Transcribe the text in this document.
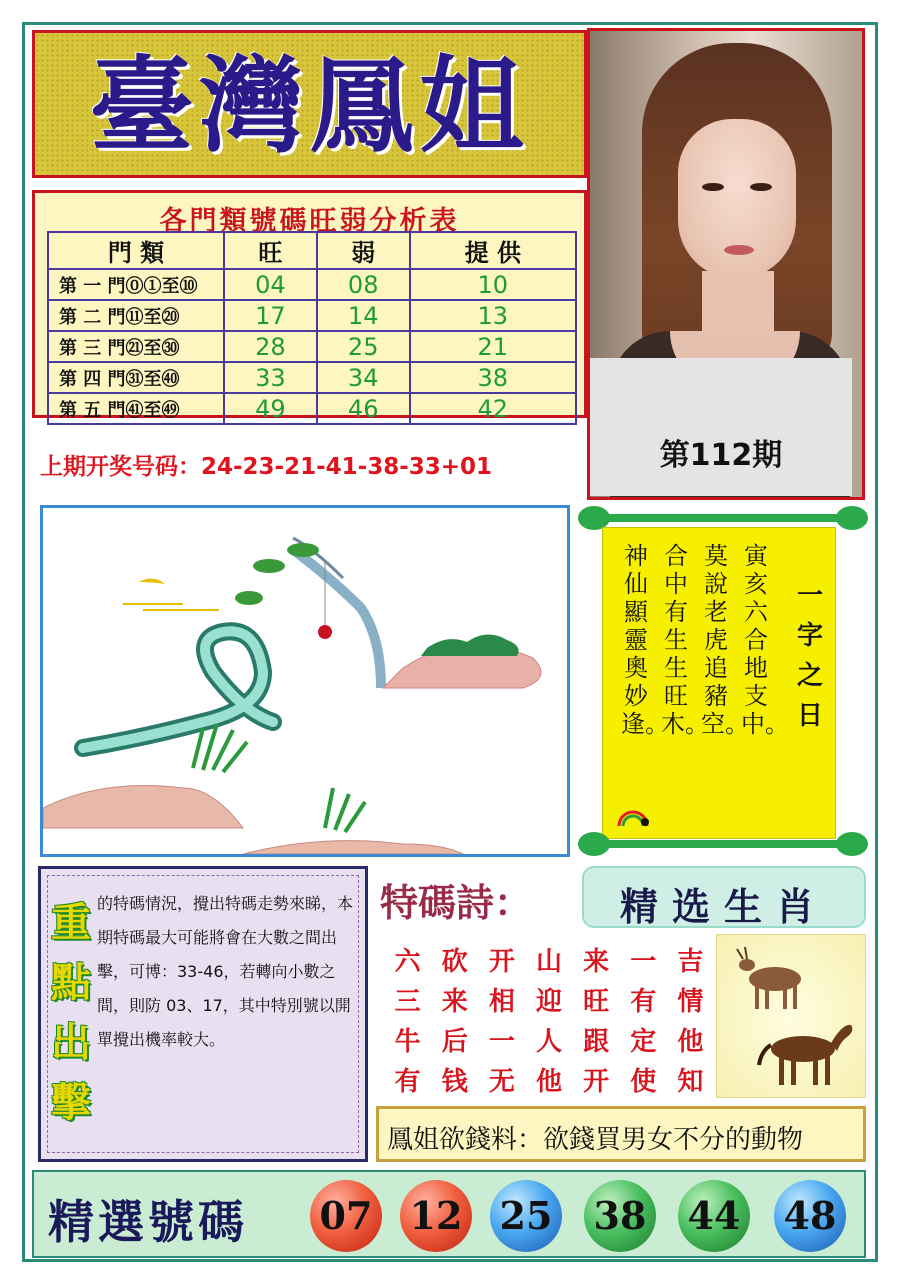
臺灣鳳姐
第112期
各門類號碼旺弱分析表
門 類	旺	弱	提 供
第 一 門⓪①至⑩	04	08	10
第 二 門⑪至⑳	17	14	13
第 三 門㉑至㉚	28	25	21
第 四 門㉛至㊵	33	34	38
第 五 門㊶至㊾	49	46	42
上期开奖号码：24-23-21-41-38-33+01
神仙顯靈奧妙逢。
合中有生生旺木。
莫說老虎追豬空。
寅亥六合地支中。
一字之日
重點出擊
的特碼情況，攪出特碼走勢來睇，本期特碼最大可能將會在大數之間出擊，可博：33-46，若轉向小數之間，則防 03、17，其中特別號以開單攪出機率較大。
特碼詩：	精选生肖
六 砍 开 山 来 一 吉
三 来 相 迎 旺 有 情
牛 后 一 人 跟 定 他
有 钱 无 他 开 使 知
鳳姐欲錢料：欲錢買男女不分的動物
精選號碼 07 12 25 38 44 48
